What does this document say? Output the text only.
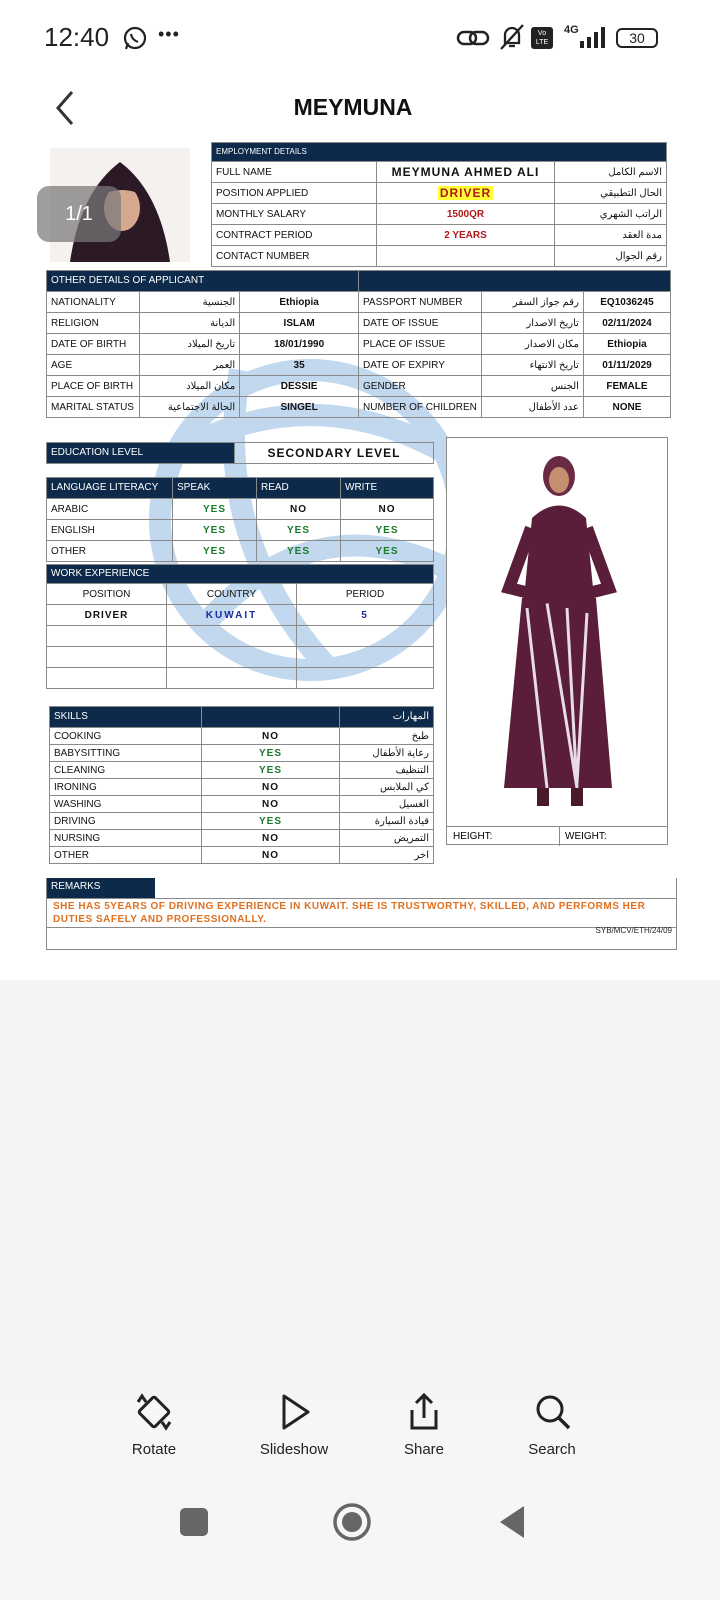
12:40	•••	Vo LTE
4G	30
MEYMUNA
EMPLOYMENT DETAILS		
FULL NAME	MEYMUNA AHMED ALI	الاسم الكامل
POSITION APPLIED	DRIVER	الحال التطبيقي
MONTHLY SALARY	1500QR	الراتب الشهري
CONTRACT PERIOD	2 YEARS	مدة العقد
CONTACT NUMBER		رقم الجوال
OTHER DETAILS OF APPLICANT					
NATIONALITY	الجنسية	Ethiopia	PASSPORT NUMBER	رقم جواز السفر	EQ1036245
RELIGION	الديانة	ISLAM	DATE OF ISSUE	تاريخ الاصدار	02/11/2024
DATE OF BIRTH	تاريخ الميلاد	18/01/1990	PLACE OF ISSUE	مكان الاصدار	Ethiopia
AGE	العمر	35	DATE OF EXPIRY	تاريخ الانتهاء	01/11/2029
PLACE OF BIRTH	مكان الميلاد	DESSIE	GENDER	الجنس	FEMALE
MARITAL STATUS	الحالة الاجتماعية	SINGEL	NUMBER OF CHILDREN	عدد الأطفال	NONE
EDUCATION LEVEL	SECONDARY LEVEL
LANGUAGE LITERACY	SPEAK	READ	WRITE
ARABIC	YES	NO	NO
ENGLISH	YES	YES	YES
OTHER	YES	YES	YES
WORK EXPERIENCE		
POSITION	COUNTRY	PERIOD
DRIVER	KUWAIT	5

HEIGHT:	WEIGHT:
SKILLS		المهارات
COOKING	NO	طبخ
BABYSITTING	YES	رعاية الأطفال
CLEANING	YES	التنظيف
IRONING	NO	كي الملابس
WASHING	NO	الغسيل
DRIVING	YES	قيادة السيارة
NURSING	NO	التمريض
OTHER	NO	اخر
REMARKS
SHE HAS 5YEARS OF DRIVING EXPERIENCE IN KUWAIT. SHE IS TRUSTWORTHY, SKILLED, AND PERFORMS HER DUTIES SAFELY AND PROFESSIONALLY.
SYB/MCV/ETH/24/09
1/1
Rotate	Slideshow	Share	Search
